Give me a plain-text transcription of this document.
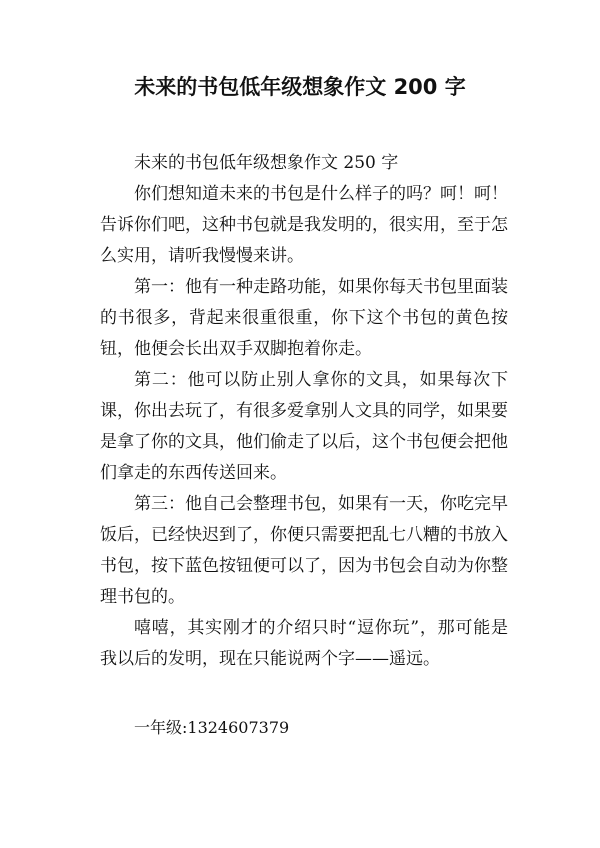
未来的书包低年级想象作文 200 字

未来的书包低年级想象作文 250 字

你们想知道未来的书包是什么样子的吗？呵！呵！告诉你们吧，这种书包就是我发明的，很实用，至于怎么实用，请听我慢慢来讲。

第一：他有一种走路功能，如果你每天书包里面装的书很多，背起来很重很重，你下这个书包的黄色按钮，他便会长出双手双脚抱着你走。

第二：他可以防止别人拿你的文具，如果每次下课，你出去玩了，有很多爱拿别人文具的同学，如果要是拿了你的文具，他们偷走了以后，这个书包便会把他们拿走的东西传送回来。

第三：他自己会整理书包，如果有一天，你吃完早饭后，已经快迟到了，你便只需要把乱七八糟的书放入书包，按下蓝色按钮便可以了，因为书包会自动为你整理书包的。

嘻嘻，其实刚才的介绍只时“逗你玩”，那可能是我以后的发明，现在只能说两个字——遥远。

一年级:1324607379
